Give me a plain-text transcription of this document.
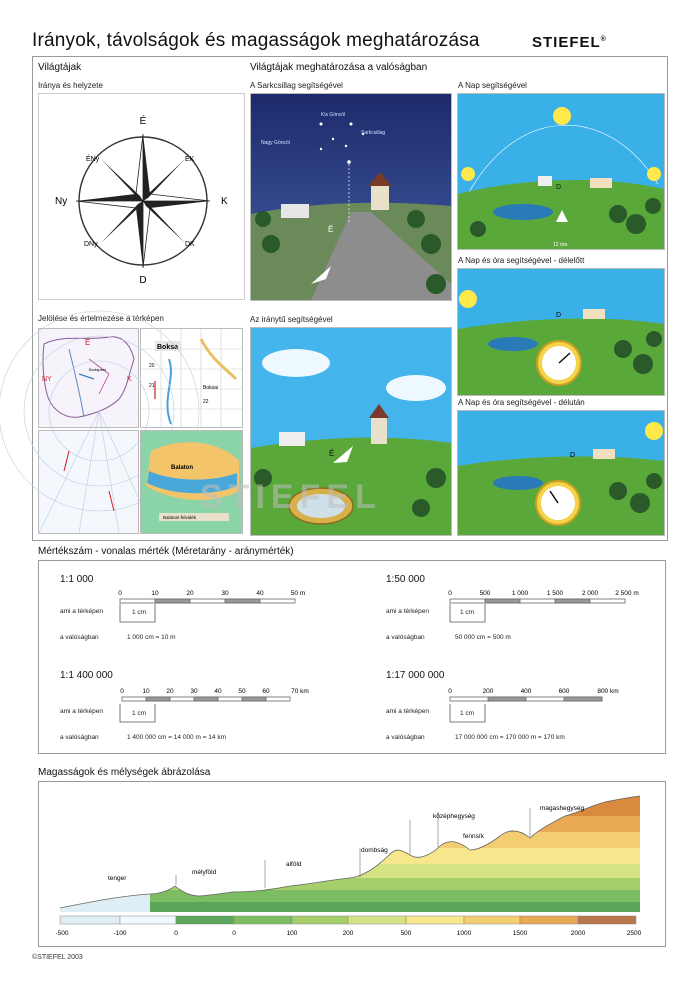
Irányok, távolságok és magasságok meghatározása	STIEFEL®
Világtájak
Iránya és helyzete
É
D
K
Ny
ÉK
ÉNy
DK
DNy
Jelölése és értelmezése a térképen
É
NY	K
Budapest
Boksa
Boksai
20
21
22
Balaton
Balatoni-felvidék
Világtájak meghatározása a valóságban
A Sarkcsillag segítségével
Nagy Göncöl
Kis Göncöl
Sarkcsillag
É
A Nap segítségével
D
12 óra
Az iránytű segítségével
É
A Nap és óra segítségével - délelőtt
D
A Nap és óra segítségével - délután
D
STIEFEL
Mértékszám - vonalas mérték (Méretarány - aránymérték)
1:1 000
0	10	20	30	40	50 m
ami a térképen	1 cm
a valóságban	1 000 cm = 10 m
1:50 000
0	500	1 000	1 500	2 000	2 500 m
ami a térképen	1 cm
a valóságban	50 000 cm = 500 m
1:1 400 000
0	10	20	30	40	50	60	70 km
ami a térképen	1 cm
a valóságban	1 400 000 cm = 14 000 m = 14 km
1:17 000 000
0	200	400	600	800 km
ami a térképen	1 cm
a valóságban	17 000 000 cm = 170 000 m = 170 km
Magasságok és mélységek ábrázolása
tenger
mélyföld
alföld
dombság
középhegység
fennsík
magashegység
-500	-100	0	0	100	200	500	1000	1500	2000	2500
©STIEFEL 2003
